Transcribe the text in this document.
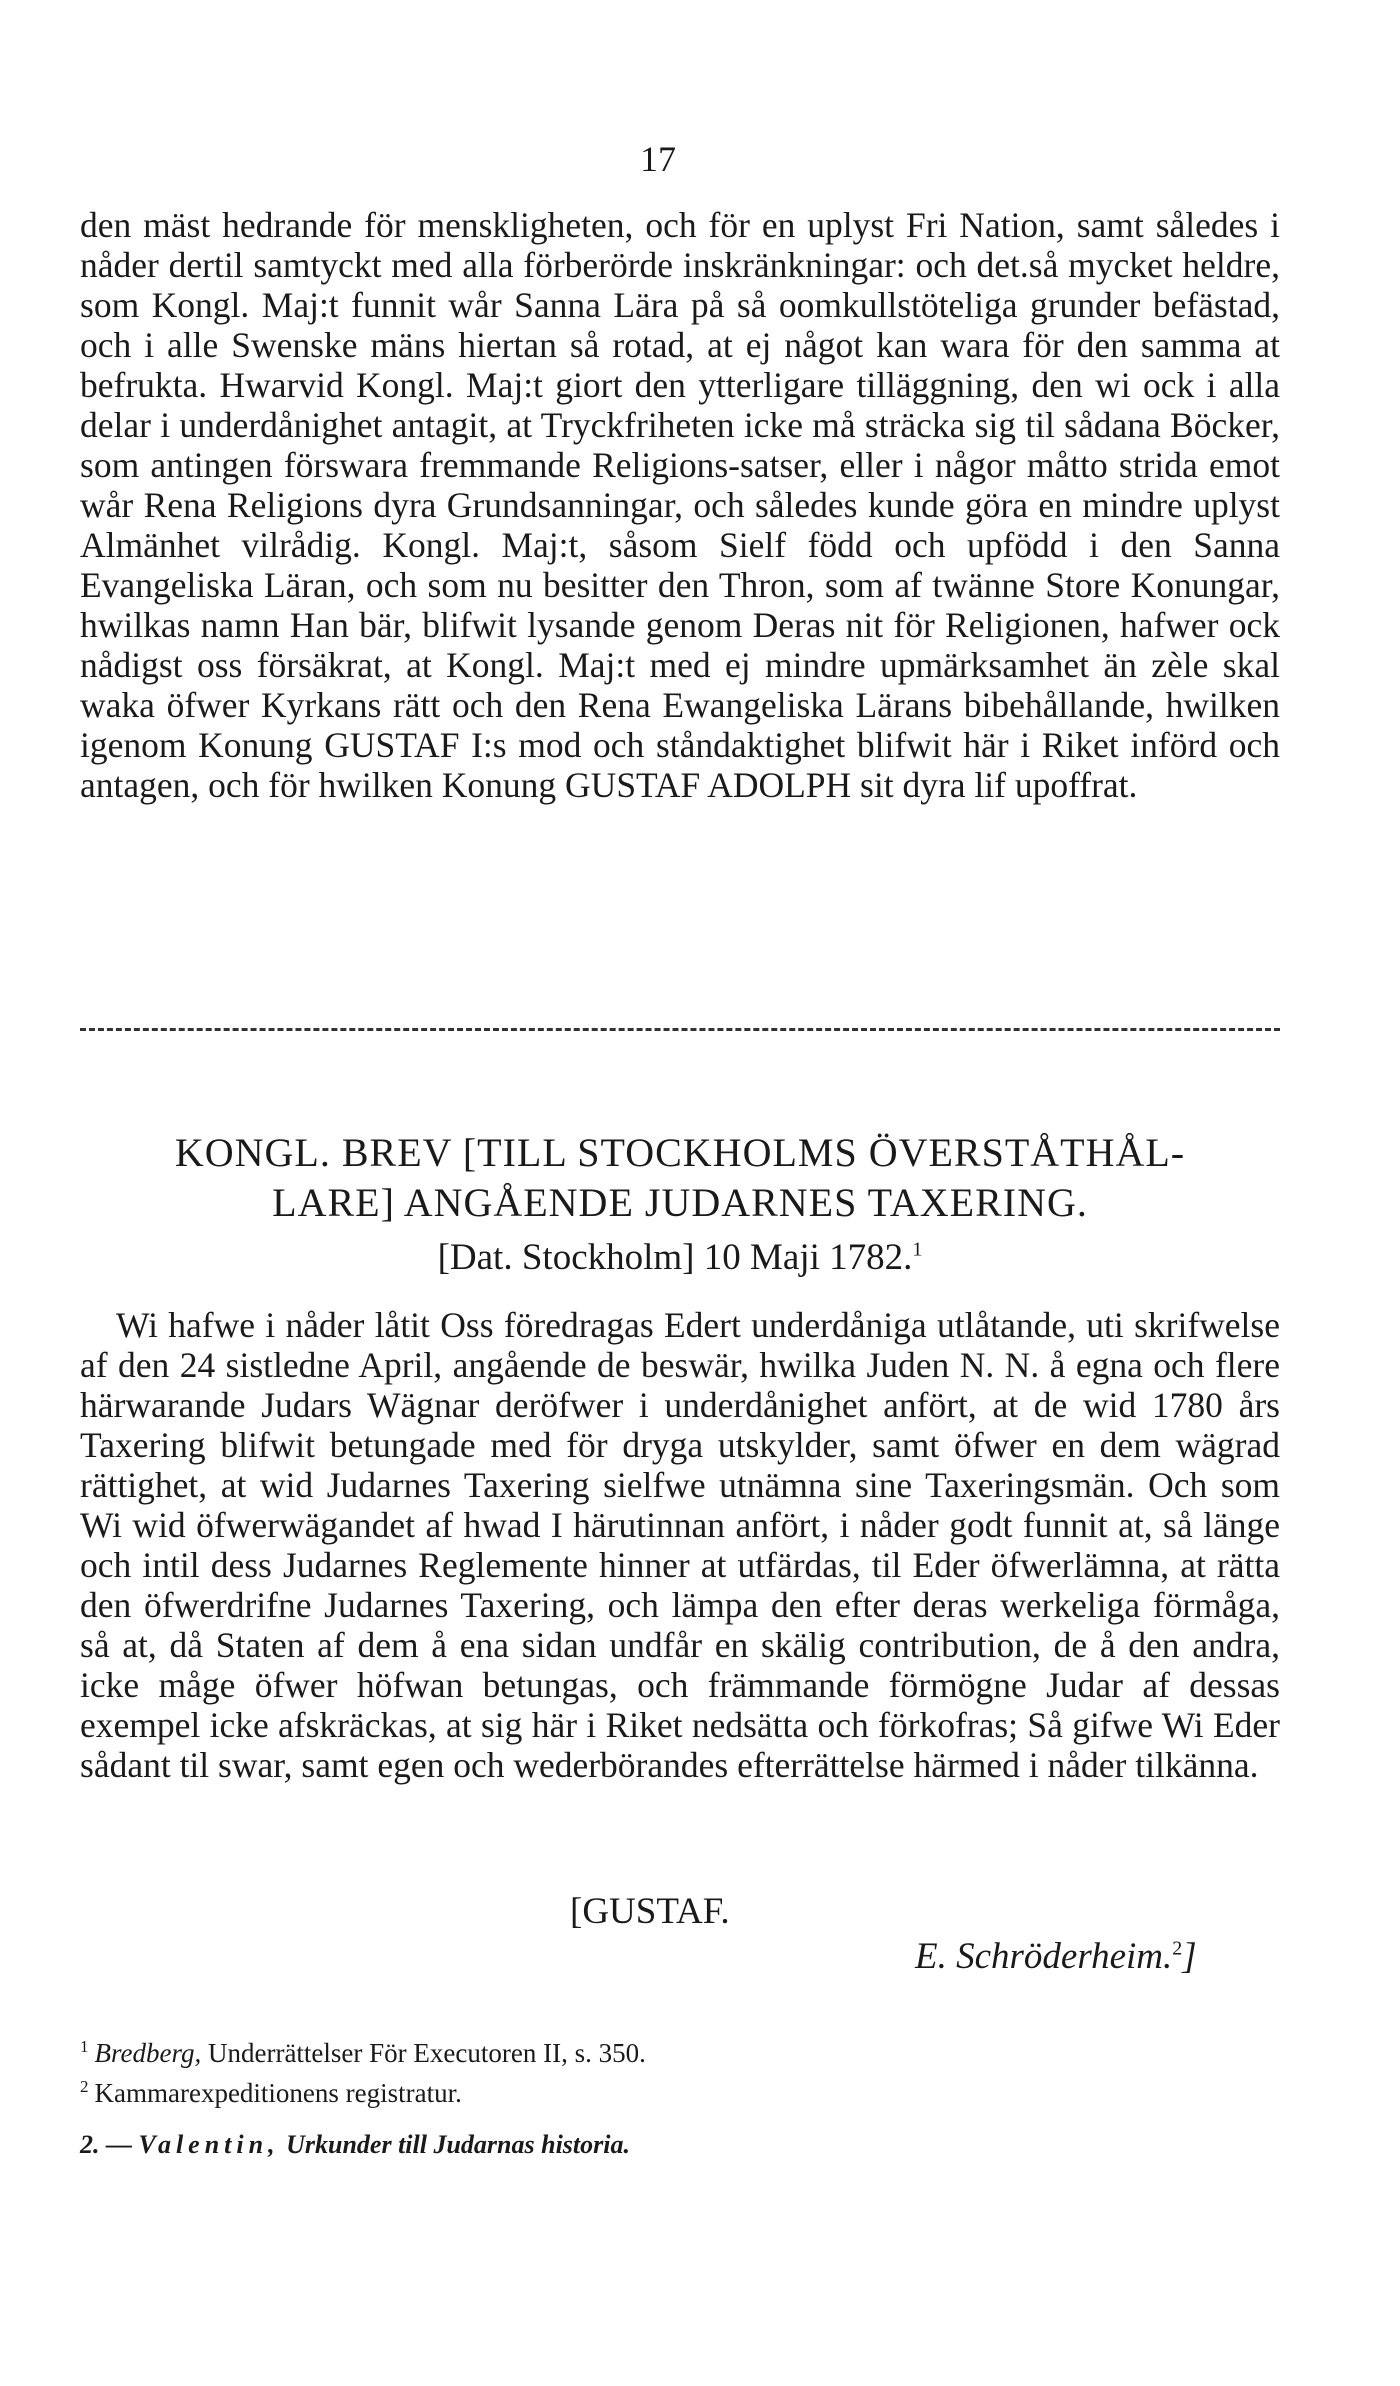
17

den mäst hedrande för menskligheten, och för en uplyst Fri Nation, samt således i nåder dertil samtyckt med alla förberörde inskränkningar: och det.så mycket heldre, som Kongl. Maj:t funnit wår Sanna Lära på så oomkullstöteliga grunder befästad, och i alle Swenske mäns hiertan så rotad, at ej något kan wara för den samma at befrukta. Hwarvid Kongl. Maj:t giort den ytterligare tilläggning, den wi ock i alla delar i underdånighet antagit, at Tryckfriheten icke må sträcka sig til sådana Böcker, som antingen förswara fremmande Religions-satser, eller i någor måtto strida emot wår Rena Religions dyra Grundsanningar, och således kunde göra en mindre uplyst Almänhet vilrådig. Kongl. Maj:t, såsom Sielf född och upfödd i den Sanna Evangeliska Läran, och som nu besitter den Thron, som af twänne Store Konungar, hwilkas namn Han bär, blifwit lysande genom Deras nit för Religionen, hafwer ock nådigst oss försäkrat, at Kongl. Maj:t med ej mindre upmärksamhet än zèle skal waka öfwer Kyrkans rätt och den Rena Ewangeliska Lärans bibehållande, hwilken igenom Konung GUSTAF I:s mod och ståndaktighet blifwit här i Riket införd och antagen, och för hwilken Konung GUSTAF ADOLPH sit dyra lif upoffrat.

KONGL. BREV [TILL STOCKHOLMS ÖVERSTÅTHÅL-
LARE] ANGÅENDE JUDARNES TAXERING.
[Dat. Stockholm] 10 Maji 1782.$^1$

Wi hafwe i nåder låtit Oss föredragas Edert underdåniga utlåtande, uti skrifwelse af den 24 sistledne April, angående de beswär, hwilka Juden N. N. å egna och flere härwarande Judars Wägnar deröfwer i underdånighet anfört, at de wid 1780 års Taxering blifwit betungade med för dryga utskylder, samt öfwer en dem wägrad rättighet, at wid Judarnes Taxering sielfwe utnämna sine Taxeringsmän. Och som Wi wid öfwerwägandet af hwad I härutinnan anfört, i nåder godt funnit at, så länge och intil dess Judarnes Reglemente hinner at utfärdas, til Eder öfwerlämna, at rätta den öfwerdrifne Judarnes Taxering, och lämpa den efter deras werkeliga förmåga, så at, då Staten af dem å ena sidan undfår en skälig contribution, de å den andra, icke måge öfwer höfwan betungas, och främmande förmögne Judar af dessas exempel icke afskräckas, at sig här i Riket nedsätta och förkofras; Så gifwe Wi Eder sådant til swar, samt egen och wederbörandes efterrättelse härmed i nåder tilkänna.

[GUSTAF.
E. Schröderheim.$^2$]
$^1$ Bredberg, Underrättelser För Executoren II, s. 350.
$^2$ Kammarexpeditionens registratur.
2. — Valentin, Urkunder till Judarnas historia.
